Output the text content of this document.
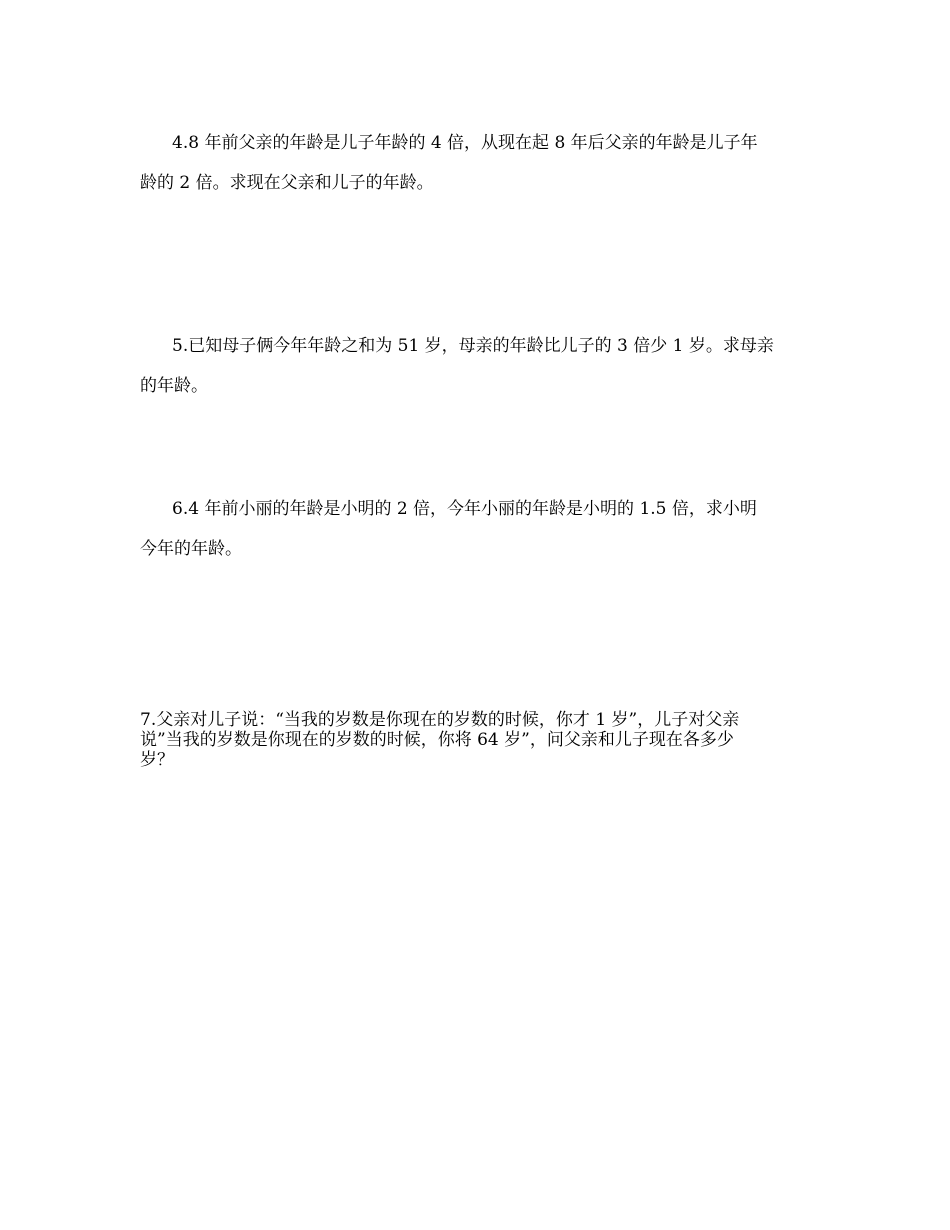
4.8 年前父亲的年龄是儿子年龄的 4 倍，从现在起 8 年后父亲的年龄是儿子年
龄的 2 倍。求现在父亲和儿子的年龄。
5.已知母子俩今年年龄之和为 51 岁，母亲的年龄比儿子的 3 倍少 1 岁。求母亲
的年龄。
6.4 年前小丽的年龄是小明的 2 倍，今年小丽的年龄是小明的 1.5 倍，求小明
今年的年龄。
7.父亲对儿子说：“当我的岁数是你现在的岁数的时候，你才 1 岁”，儿子对父亲
说”当我的岁数是你现在的岁数的时候，你将 64 岁”，问父亲和儿子现在各多少
岁？
